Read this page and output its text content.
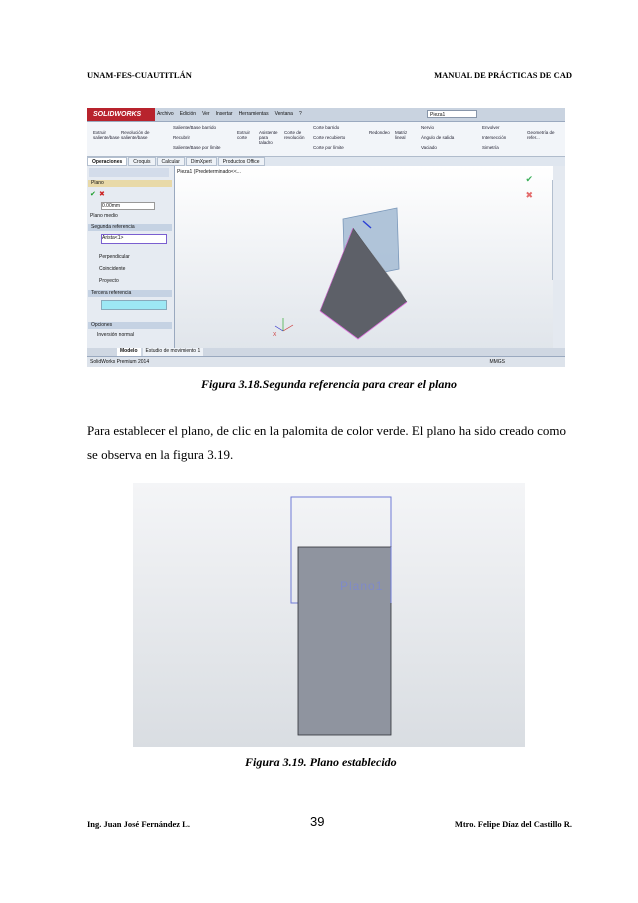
UNAM-FES-CUAUTITLÁN	MANUAL DE PRÁCTICAS DE CAD
SOLIDWORKS	Archivo Edición Ver Insertar Herramientas Ventana ?	Pieza1
Extruir saliente/base
Revolución de saliente/base
Saliente/Base barrido
Recubrir
Saliente/Base por límite
Extruir corte
Asistente para taladro
Corte de revolución
Corte barrido
Corte recubierto
Corte por límite
Redondeo Matriz lineal
Nervio
Ángulo de salida
Vaciado
Envolver
Intersección
Simetría
Geometría de refer...
Operaciones	Croquis	Calcular	DimXpert	Productos Office
Plano
✔ ✖
0.00mm
Plano medio
Segunda referencia
Arista<1>
Perpendicular
Coincidente
Proyecto
Tercera referencia
Opciones
Inversión normal
Pieza1 (Predeterminado<<...
X
✔
✖
Modelo	Estudio de movimiento 1
SolidWorks Premium 2014	MMGS
Figura 3.18.Segunda referencia para crear el plano
Para establecer el plano, de clic en la palomita de color verde. El plano ha sido creado como se observa en la figura 3.19.
Plano1
Figura 3.19. Plano establecido
Ing. Juan José Fernández L.	39	Mtro. Felipe Díaz del Castillo R.
